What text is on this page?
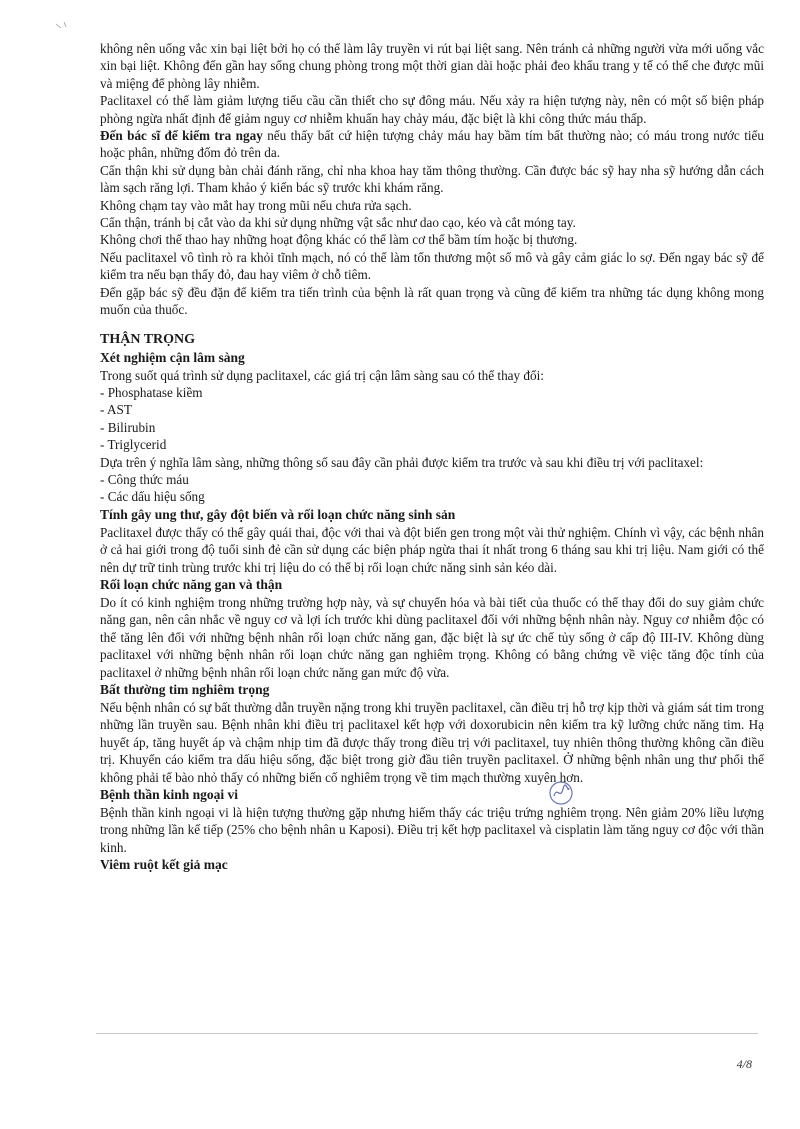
không nên uống vắc xin bại liệt bởi họ có thể làm lây truyền vi rút bại liệt sang. Nên tránh cả những người vừa mới uống vắc xin bại liệt. Không đến gần hay sống chung phòng trong một thời gian dài hoặc phải đeo khẩu trang y tế có thể che được mũi và miệng để phòng lây nhiễm.

Paclitaxel có thể làm giảm lượng tiểu cầu cần thiết cho sự đông máu. Nếu xảy ra hiện tượng này, nên có một số biện pháp phòng ngừa nhất định để giảm nguy cơ nhiễm khuẩn hay chảy máu, đặc biệt là khi công thức máu thấp.

Đến bác sĩ để kiểm tra ngay nếu thấy bất cứ hiện tượng chảy máu hay bầm tím bất thường nào; có máu trong nước tiểu hoặc phân, những đốm đỏ trên da.

Cẩn thận khi sử dụng bàn chải đánh răng, chỉ nha khoa hay tăm thông thường. Cần được bác sỹ hay nha sỹ hướng dẫn cách làm sạch răng lợi. Tham khảo ý kiến bác sỹ trước khi khám răng.

Không chạm tay vào mắt hay trong mũi nếu chưa rửa sạch.

Cẩn thận, tránh bị cắt vào da khi sử dụng những vật sắc như dao cạo, kéo và cắt móng tay.

Không chơi thể thao hay những hoạt động khác có thể làm cơ thể bầm tím hoặc bị thương.

Nếu paclitaxel vô tình rò ra khỏi tĩnh mạch, nó có thể làm tổn thương một số mô và gây cảm giác lo sợ. Đến ngay bác sỹ để kiểm tra nếu bạn thấy đỏ, đau hay viêm ở chỗ tiêm.

Đến gặp bác sỹ đều đặn để kiểm tra tiến trình của bệnh là rất quan trọng và cũng để kiểm tra những tác dụng không mong muốn của thuốc.

THẬN TRỌNG
Xét nghiệm cận lâm sàng

Trong suốt quá trình sử dụng paclitaxel, các giá trị cận lâm sàng sau có thể thay đổi:

- Phosphatase kiềm

- AST

- Bilirubin

- Triglycerid

Dựa trên ý nghĩa lâm sàng, những thông số sau đây cần phải được kiểm tra trước và sau khi điều trị với paclitaxel:

- Công thức máu

- Các dấu hiệu sống

Tính gây ung thư, gây đột biến và rối loạn chức năng sinh sản

Paclitaxel được thấy có thể gây quái thai, độc với thai và đột biến gen trong một vài thử nghiệm. Chính vì vậy, các bệnh nhân ở cả hai giới trong độ tuổi sinh đẻ cần sử dụng các biện pháp ngừa thai ít nhất trong 6 tháng sau khi trị liệu. Nam giới có thể nên dự trữ tinh trùng trước khi trị liệu do có thể bị rối loạn chức năng sinh sản kéo dài.

Rối loạn chức năng gan và thận

Do ít có kinh nghiệm trong những trường hợp này, và sự chuyển hóa và bài tiết của thuốc có thể thay đổi do suy giảm chức năng gan, nên cân nhắc về nguy cơ và lợi ích trước khi dùng paclitaxel đối với những bệnh nhân này. Nguy cơ nhiễm độc có thể tăng lên đối với những bệnh nhân rối loạn chức năng gan, đặc biệt là sự ức chế tủy sống ở cấp độ III-IV. Không dùng paclitaxel với những bệnh nhân rối loạn chức năng gan nghiêm trọng. Không có bằng chứng về việc tăng độc tính của paclitaxel ở những bệnh nhân rối loạn chức năng gan mức độ vừa.

Bất thường tim nghiêm trọng

Nếu bệnh nhân có sự bất thường dẫn truyền nặng trong khi truyền paclitaxel, cần điều trị hỗ trợ kịp thời và giám sát tim trong những lần truyền sau. Bệnh nhân khi điều trị paclitaxel kết hợp với doxorubicin nên kiểm tra kỹ lưỡng chức năng tim. Hạ huyết áp, tăng huyết áp và chậm nhịp tim đã được thấy trong điều trị với paclitaxel, tuy nhiên thông thường không cần điều trị. Khuyến cáo kiểm tra dấu hiệu sống, đặc biệt trong giờ đầu tiên truyền paclitaxel. Ở những bệnh nhân ung thư phổi thể không phải tế bào nhỏ thấy có những biến cố nghiêm trọng về tim mạch thường xuyên hơn.

Bệnh thần kinh ngoại vi

Bệnh thần kinh ngoại vi là hiện tượng thường gặp nhưng hiếm thấy các triệu trứng nghiêm trọng. Nên giảm 20% liều lượng trong những lần kế tiếp (25% cho bệnh nhân u Kaposi). Điều trị kết hợp paclitaxel và cisplatin làm tăng nguy cơ độc với thần kinh.

Viêm ruột kết giả mạc
4/8
